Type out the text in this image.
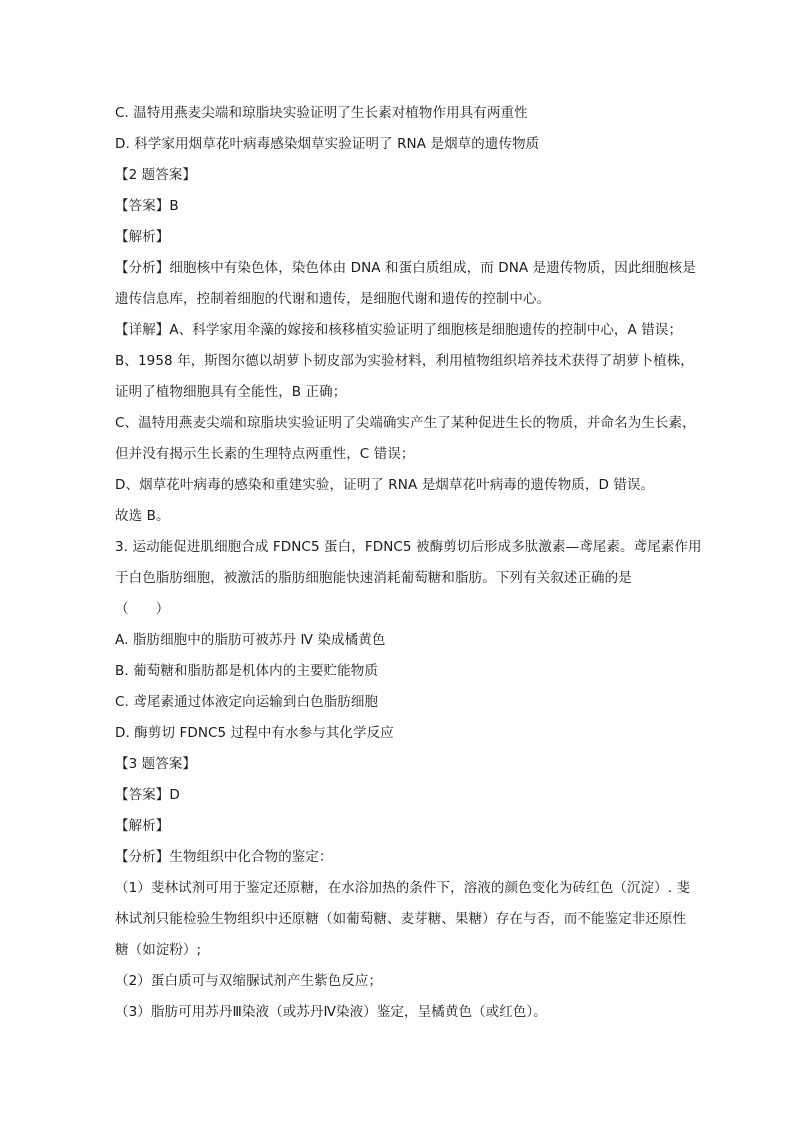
C. 温特用燕麦尖端和琼脂块实验证明了生长素对植物作用具有两重性
D. 科学家用烟草花叶病毒感染烟草实验证明了 RNA 是烟草的遗传物质
【2 题答案】
【答案】B
【解析】
【分析】细胞核中有染色体，染色体由 DNA 和蛋白质组成，而 DNA 是遗传物质，因此细胞核是
遗传信息库，控制着细胞的代谢和遗传，是细胞代谢和遗传的控制中心。
【详解】A、科学家用伞藻的嫁接和核移植实验证明了细胞核是细胞遗传的控制中心，A 错误；
B、1958 年，斯图尔德以胡萝卜韧皮部为实验材料，利用植物组织培养技术获得了胡萝卜植株，
证明了植物细胞具有全能性，B 正确；
C、温特用燕麦尖端和琼脂块实验证明了尖端确实产生了某种促进生长的物质，并命名为生长素，
但并没有揭示生长素的生理特点两重性，C 错误；
D、烟草花叶病毒的感染和重建实验，证明了 RNA 是烟草花叶病毒的遗传物质，D 错误。
故选 B。
3. 运动能促进肌细胞合成 FDNC5 蛋白，FDNC5 被酶剪切后形成多肽激素—鸢尾素。鸢尾素作用
于白色脂肪细胞，被激活的脂肪细胞能快速消耗葡萄糖和脂肪。下列有关叙述正确的是
（　　）
A. 脂肪细胞中的脂肪可被苏丹 Ⅳ 染成橘黄色
B. 葡萄糖和脂肪都是机体内的主要贮能物质
C. 鸢尾素通过体液定向运输到白色脂肪细胞
D. 酶剪切 FDNC5 过程中有水参与其化学反应
【3 题答案】
【答案】D
【解析】
【分析】生物组织中化合物的鉴定：
（1）斐林试剂可用于鉴定还原糖，在水浴加热的条件下，溶液的颜色变化为砖红色（沉淀）. 斐
林试剂只能检验生物组织中还原糖（如葡萄糖、麦芽糖、果糖）存在与否，而不能鉴定非还原性
糖（如淀粉）;
（2）蛋白质可与双缩脲试剂产生紫色反应；
（3）脂肪可用苏丹Ⅲ染液（或苏丹Ⅳ染液）鉴定，呈橘黄色（或红色）。
